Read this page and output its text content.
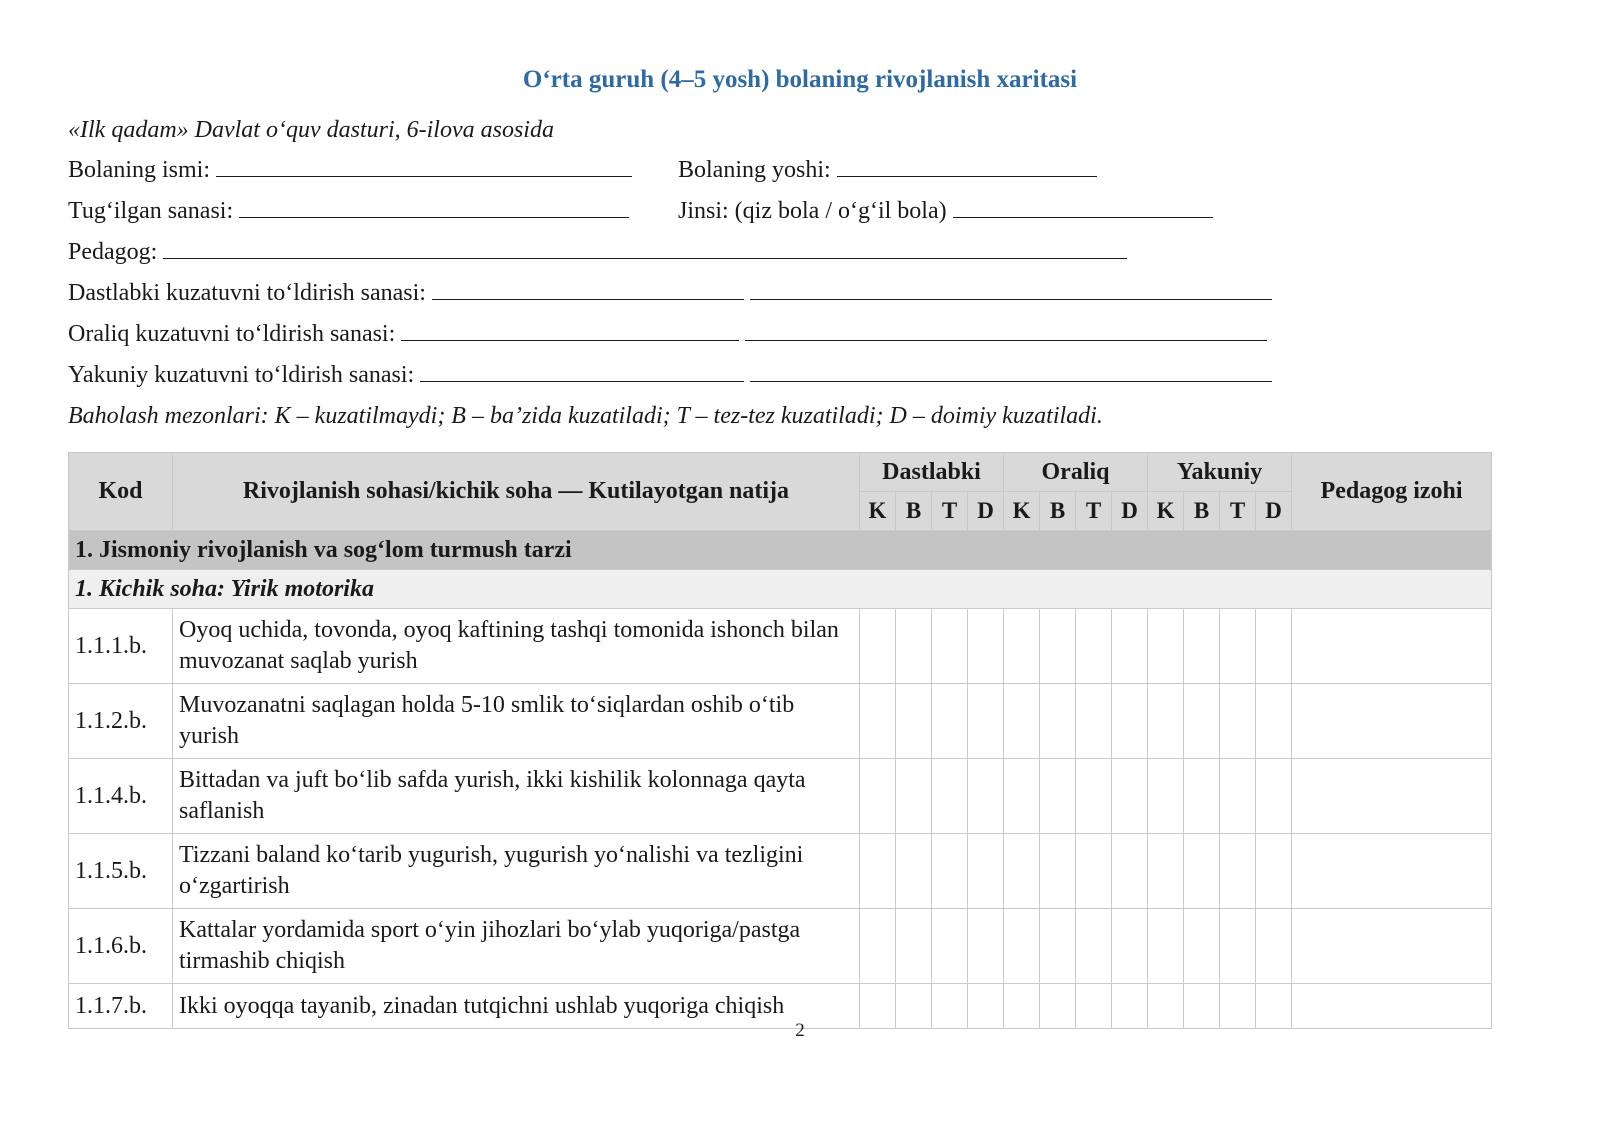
O‘rta guruh (4–5 yosh) bolaning rivojlanish xaritasi
«Ilk qadam» Davlat o‘quv dasturi, 6-ilova asosida
Bolaning ismi:	Bolaning yoshi:
Tug‘ilgan sanasi:	Jinsi: (qiz bola / o‘g‘il bola)
Pedagog:
Dastlabki kuzatuvni to‘ldirish sanasi:
Oraliq kuzatuvni to‘ldirish sanasi:
Yakuniy kuzatuvni to‘ldirish sanasi:
Baholash mezonlari: K – kuzatilmaydi; B – ba’zida kuzatiladi; T – tez-tez kuzatiladi; D – doimiy kuzatiladi.
Kod	Rivojlanish sohasi/kichik soha — Kutilayotgan natija	Dastlabki				Oraliq				Yakuniy				Pedagog izohi
		K	B	T	D	K	B	T	D	K	B	T	D	
1. Jismoniy rivojlanish va sog‘lom turmush tarzi														
1. Kichik soha: Yirik motorika														
1.1.1.b.	Oyoq uchida, tovonda, oyoq kaftining tashqi tomonida ishonch bilan muvozanat saqlab yurish													
1.1.2.b.	Muvozanatni saqlagan holda 5-10 smlik to‘siqlardan oshib o‘tib yurish													
1.1.4.b.	Bittadan va juft bo‘lib safda yurish, ikki kishilik kolonnaga qayta saflanish													
1.1.5.b.	Tizzani baland ko‘tarib yugurish, yugurish yo‘nalishi va tezligini o‘zgartirish													
1.1.6.b.	Kattalar yordamida sport o‘yin jihozlari bo‘ylab yuqoriga/pastga tirmashib chiqish													
1.1.7.b.	Ikki oyoqqa tayanib, zinadan tutqichni ushlab yuqoriga chiqish													
2
